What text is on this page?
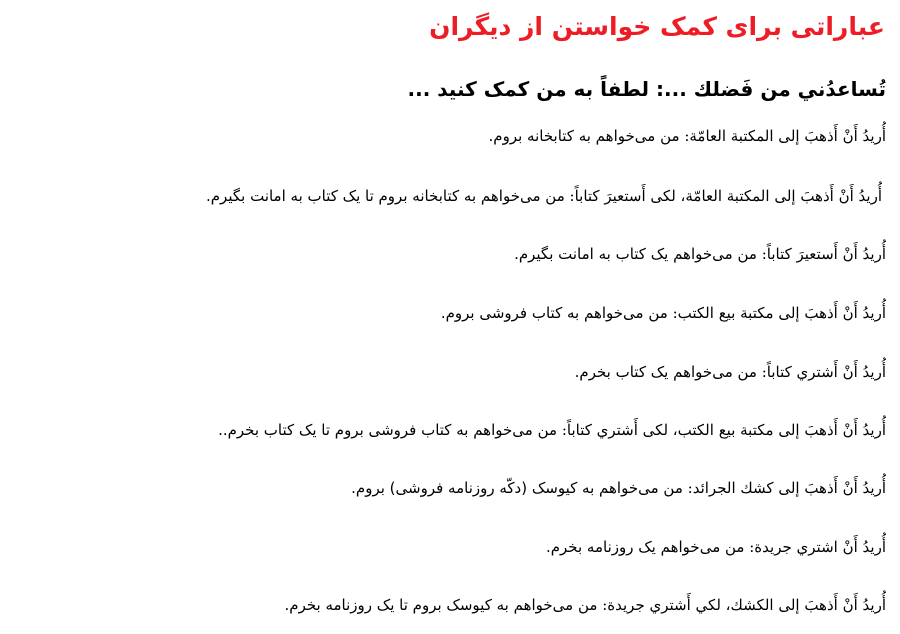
عباراتی برای کمک خواستن از دیگران
تُساعدُني من فَضلك ...: لطفاً به من کمک کنید ...
أُریدُ أَنْ أَذهبَ إلی المکتبة العامّة: من می‌خواهم به کتابخانه بروم.
أُریدُ أَنْ أَذهبَ إلی المکتبة العامّة، لکی أَستعیرَ کتاباً: من می‌خواهم به کتابخانه بروم تا یک کتاب به امانت بگیرم.
أُریدُ أَنْ أَستعیرَ کتاباً: من می‌خواهم یک کتاب به امانت بگیرم.
أُریدُ أَنْ أَذهبَ إلی مکتبة بیع الکتب: من می‌خواهم به کتاب فروشی بروم.
أُریدُ أَنْ أَشتري کتاباً: من می‌خواهم یک کتاب بخرم.
أُریدُ أَنْ أَذهبَ إلی مکتبة بیع الکتب، لکی أَشتري کتاباً: من می‌خواهم به کتاب فروشی بروم تا یک کتاب بخرم..
أُریدُ أَنْ أَذهبَ إلی کشك الجرائد: من می‌خواهم به کیوسک (دکّه روزنامه فروشی) بروم.
أُریدُ أَنْ اشتري جریدة: من می‌خواهم یک روزنامه بخرم.
أُریدُ أَنْ أَذهبَ إلی الکشك، لکي أَشتري جریدة: من می‌خواهم به کیوسک بروم تا یک روزنامه بخرم.
